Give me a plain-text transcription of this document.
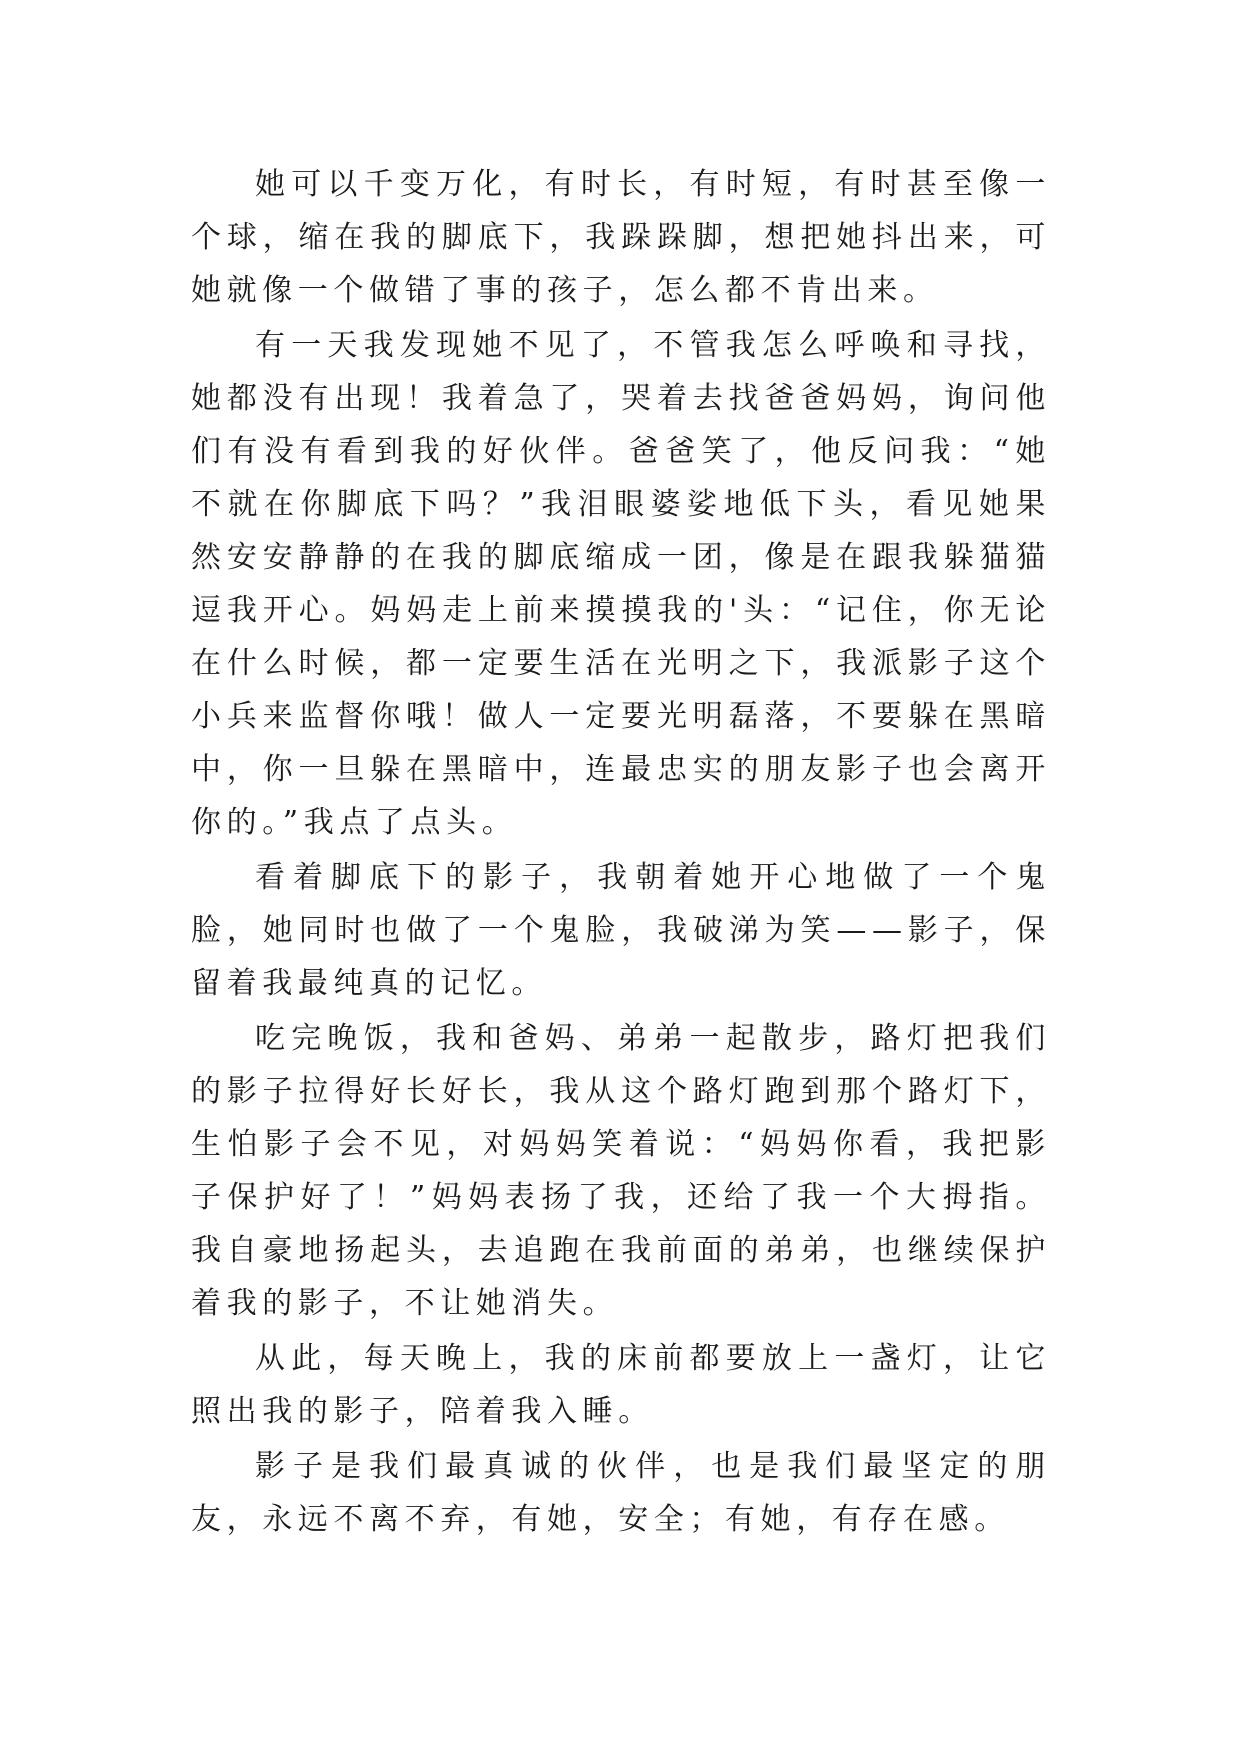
她可以千变万化，有时长，有时短，有时甚至像一个球，缩在我的脚底下，我跺跺脚，想把她抖出来，可她就像一个做错了事的孩子，怎么都不肯出来。

有一天我发现她不见了，不管我怎么呼唤和寻找，她都没有出现！我着急了，哭着去找爸爸妈妈，询问他们有没有看到我的好伙伴。爸爸笑了，他反问我：“她不就在你脚底下吗？”我泪眼婆娑地低下头，看见她果然安安静静的在我的脚底缩成一团，像是在跟我躲猫猫逗我开心。妈妈走上前来摸摸我的'头：“记住，你无论在什么时候，都一定要生活在光明之下，我派影子这个小兵来监督你哦！做人一定要光明磊落，不要躲在黑暗中，你一旦躲在黑暗中，连最忠实的朋友影子也会离开你的。”我点了点头。

看着脚底下的影子，我朝着她开心地做了一个鬼脸，她同时也做了一个鬼脸，我破涕为笑——影子，保留着我最纯真的记忆。

吃完晚饭，我和爸妈、弟弟一起散步，路灯把我们的影子拉得好长好长，我从这个路灯跑到那个路灯下，生怕影子会不见，对妈妈笑着说：“妈妈你看，我把影子保护好了！”妈妈表扬了我，还给了我一个大拇指。我自豪地扬起头，去追跑在我前面的弟弟，也继续保护着我的影子，不让她消失。

从此，每天晚上，我的床前都要放上一盏灯，让它照出我的影子，陪着我入睡。

影子是我们最真诚的伙伴，也是我们最坚定的朋友，永远不离不弃，有她，安全；有她，有存在感。
